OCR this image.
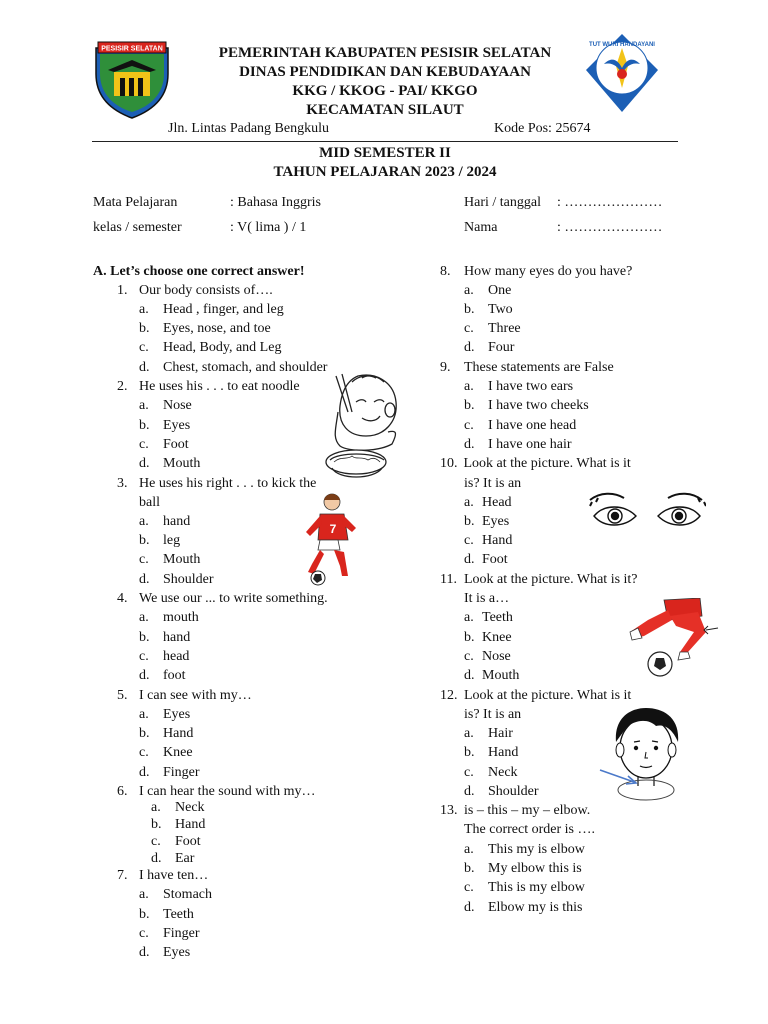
PESISIR SELATAN
TUT WURI HANDAYANI
PEMERINTAH KABUPATEN PESISIR SELATAN
DINAS PENDIDIKAN DAN KEBUDAYAAN
KKG / KKOG - PAI/ KKGO
KECAMATAN SILAUT
Jln. Lintas Padang Bengkulu	Kode Pos: 25674
MID SEMESTER II
TAHUN PELAJARAN 2023 / 2024
Mata Pelajaran	: Bahasa Inggris	Hari / tanggal : …………………
kelas / semester	: V( lima ) / 1	Nama	: …………………
A. Let’s choose one correct answer!
1. Our body consists of….
a. Head , finger, and leg
b. Eyes, nose, and toe
c. Head, Body, and Leg
d. Chest, stomach, and shoulder
2. He uses his . . . to eat noodle
a. Nose
b. Eyes
c. Foot
d. Mouth
3. He uses his right . . . to kick the
ball
a. hand
b. leg
c. Mouth
d. Shoulder
4. We use our ... to write something.
a. mouth
b. hand
c. head
d. foot
5. I can see with my…
a. Eyes
b. Hand
c. Knee
d. Finger
6. I can hear the sound with my…
a. Neck
b. Hand
c. Foot
d. Ear
7. I have ten…
a. Stomach
b. Teeth
c. Finger
d. Eyes
8. How many eyes do you have?
a. One
b. Two
c. Three
d. Four
9. These statements are False
a. I have two ears
b. I have two cheeks
c. I have one head
d. I have one hair
10. Look at the picture. What is it
is? It is an
a. Head
b. Eyes
c. Hand
d. Foot
11. Look at the picture. What is it?
It is a…
a. Teeth
b. Knee
c. Nose
d. Mouth
12. Look at the picture. What is it
is? It is an
a. Hair
b. Hand
c. Neck
d. Shoulder
13. is – this – my – elbow.
The correct order is ….
a. This my is elbow
b. My elbow this is
c. This is my elbow
d. Elbow my is this
7
